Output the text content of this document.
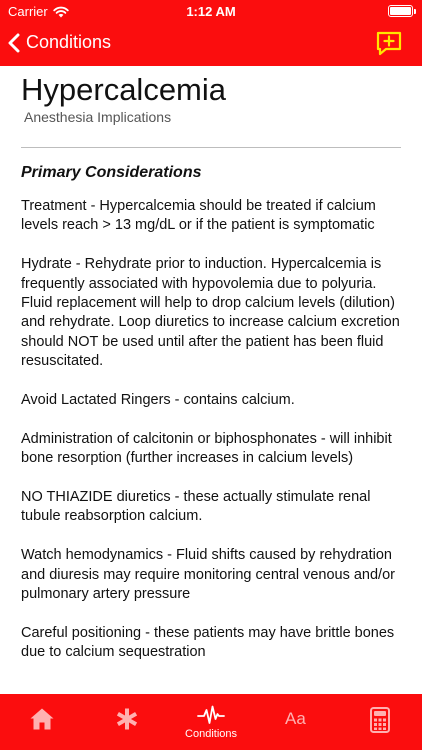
Carrier	1:12 AM
Conditions
Hypercalcemia
Anesthesia Implications
Primary Considerations

Treatment - Hypercalcemia should be treated if calcium levels reach > 13 mg/dL or if the patient is symptomatic

Hydrate - Rehydrate prior to induction. Hypercalcemia is frequently associated with hypovolemia due to polyuria. Fluid replacement will help to drop calcium levels (dilution) and rehydrate. Loop diuretics to increase calcium excretion should NOT be used until after the patient has been fluid resuscitated.

Avoid Lactated Ringers - contains calcium.

Administration of calcitonin or biphosphonates - will inhibit bone resorption (further increases in calcium levels)

NO THIAZIDE diuretics - these actually stimulate renal tubule reabsorption calcium.

Watch hemodynamics - Fluid shifts caused by rehydration and diuresis may require monitoring central venous and/or pulmonary artery pressure

Careful positioning - these patients may have brittle bones due to calcium sequestration

Conditions
Aa
